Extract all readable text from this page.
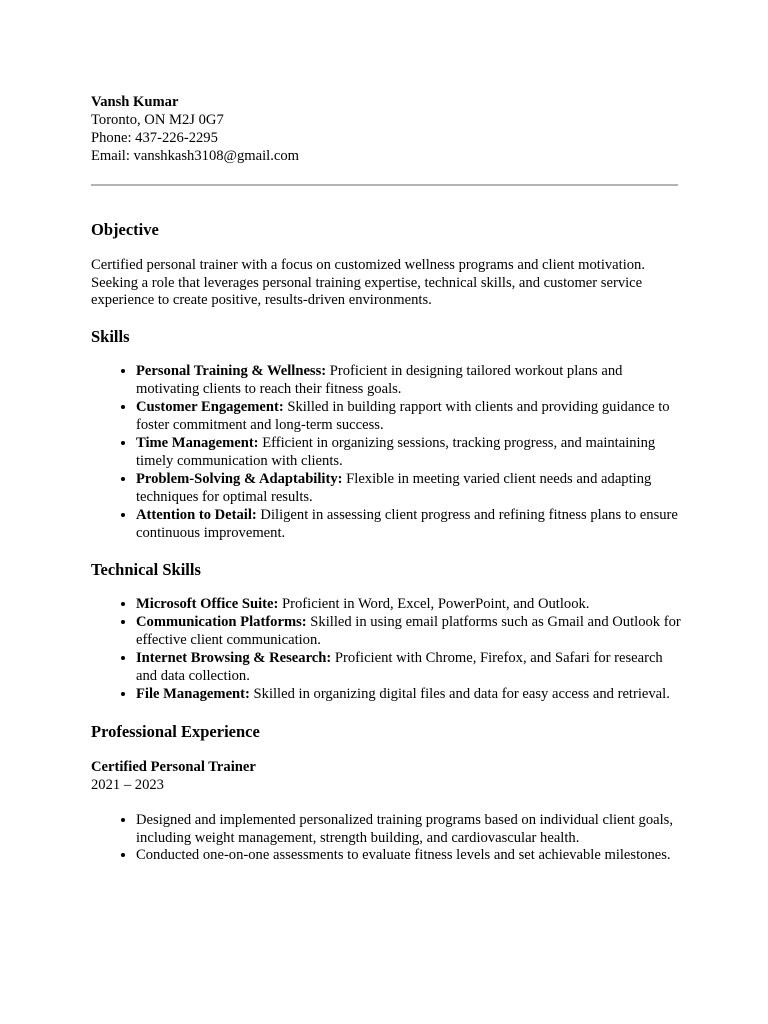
Vansh Kumar
Toronto, ON M2J 0G7
Phone: 437-226-2295
Email: vanshkash3108@gmail.com
Objective

Certified personal trainer with a focus on customized wellness programs and client motivation. Seeking a role that leverages personal training expertise, technical skills, and customer service experience to create positive, results-driven environments.

Skills
• Personal Training & Wellness: Proficient in designing tailored workout plans and motivating clients to reach their fitness goals.
• Customer Engagement: Skilled in building rapport with clients and providing guidance to foster commitment and long-term success.
• Time Management: Efficient in organizing sessions, tracking progress, and maintaining timely communication with clients.
• Problem-Solving & Adaptability: Flexible in meeting varied client needs and adapting techniques for optimal results.
• Attention to Detail: Diligent in assessing client progress and refining fitness plans to ensure continuous improvement.
Technical Skills
• Microsoft Office Suite: Proficient in Word, Excel, PowerPoint, and Outlook.
• Communication Platforms: Skilled in using email platforms such as Gmail and Outlook for effective client communication.
• Internet Browsing & Research: Proficient with Chrome, Firefox, and Safari for research and data collection.
• File Management: Skilled in organizing digital files and data for easy access and retrieval.
Professional Experience
Certified Personal Trainer
2021 – 2023
• Designed and implemented personalized training programs based on individual client goals, including weight management, strength building, and cardiovascular health.
• Conducted one-on-one assessments to evaluate fitness levels and set achievable milestones.
